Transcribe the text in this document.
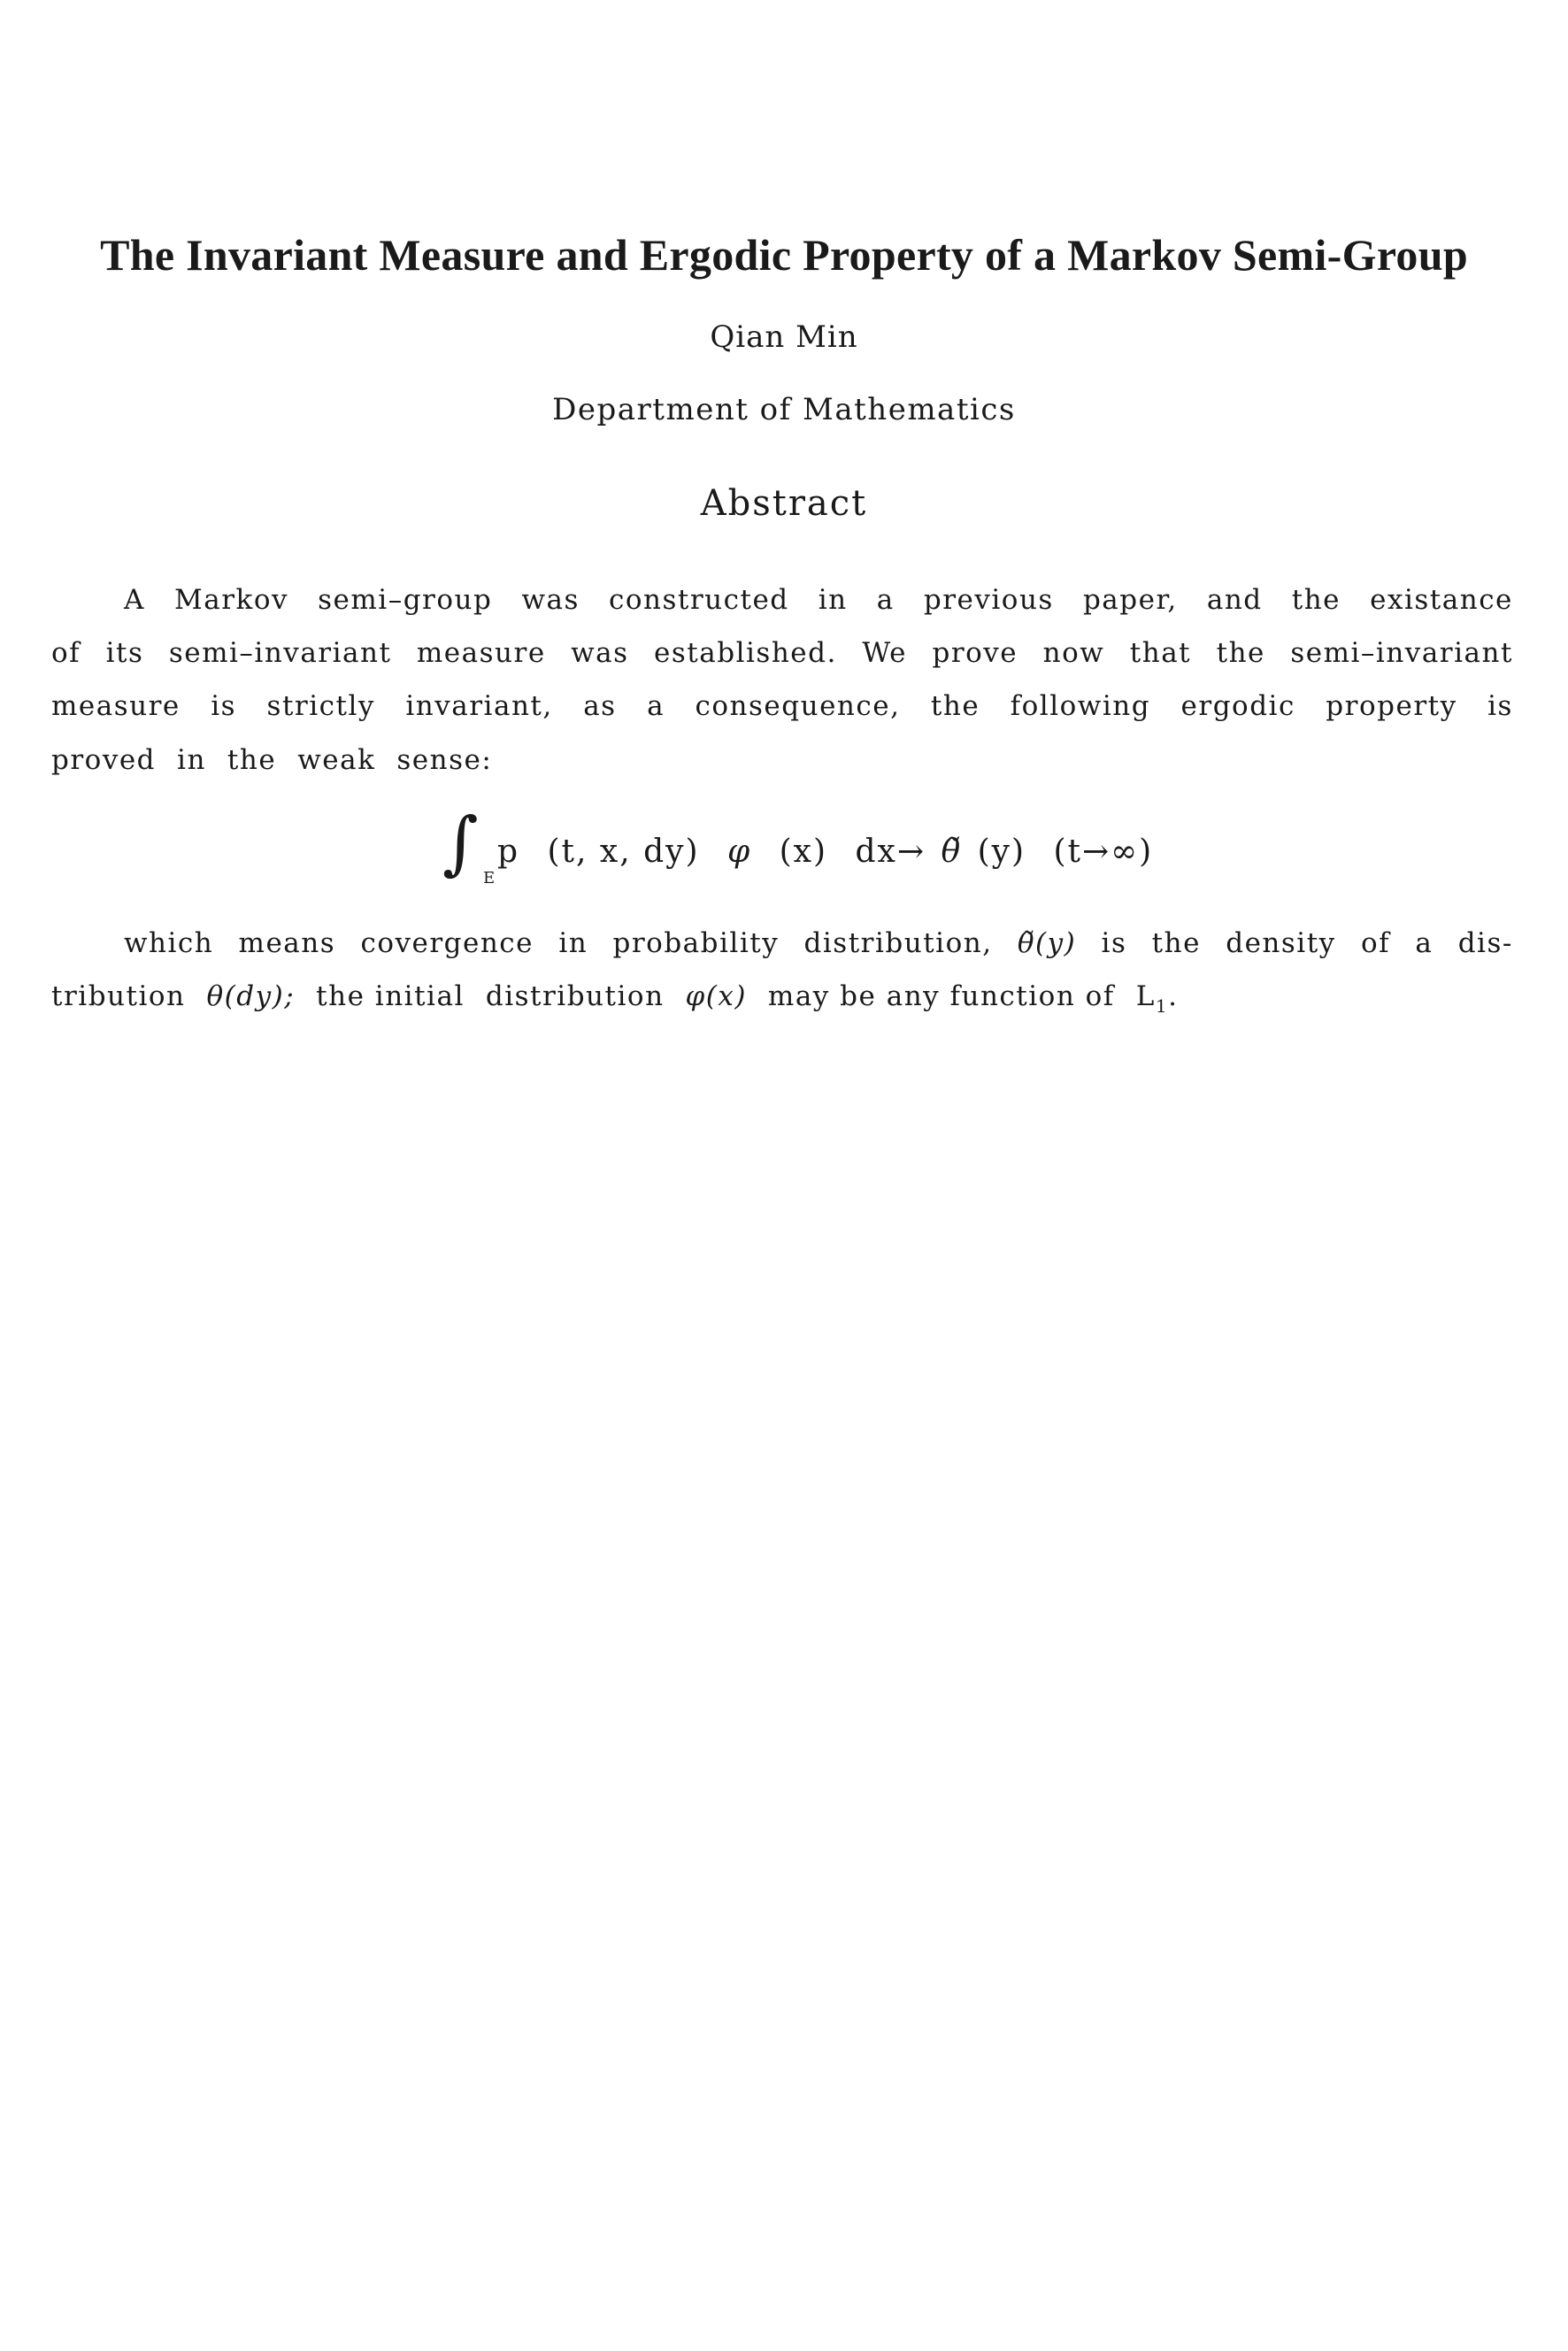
The Invariant Measure and Ergodic Property of a Markov Semi-Group
Qian Min
Department of Mathematics
Abstract
A Markov semi–group was constructed in a previous paper, and the existance
of its semi–invariant measure was established. We prove now that the semi–invariant
measure is strictly invariant, as a consequence, the following ergodic property is
proved in the weak sense:
∫ E
p (t, x, dy) φ (x) dx→ θ̃ (y) (t→∞)
which means covergence in probability distribution, θ̃(y) is the density of a dis-
tribution θ(dy); the initial distribution φ(x) may be any function of $L_1$.
